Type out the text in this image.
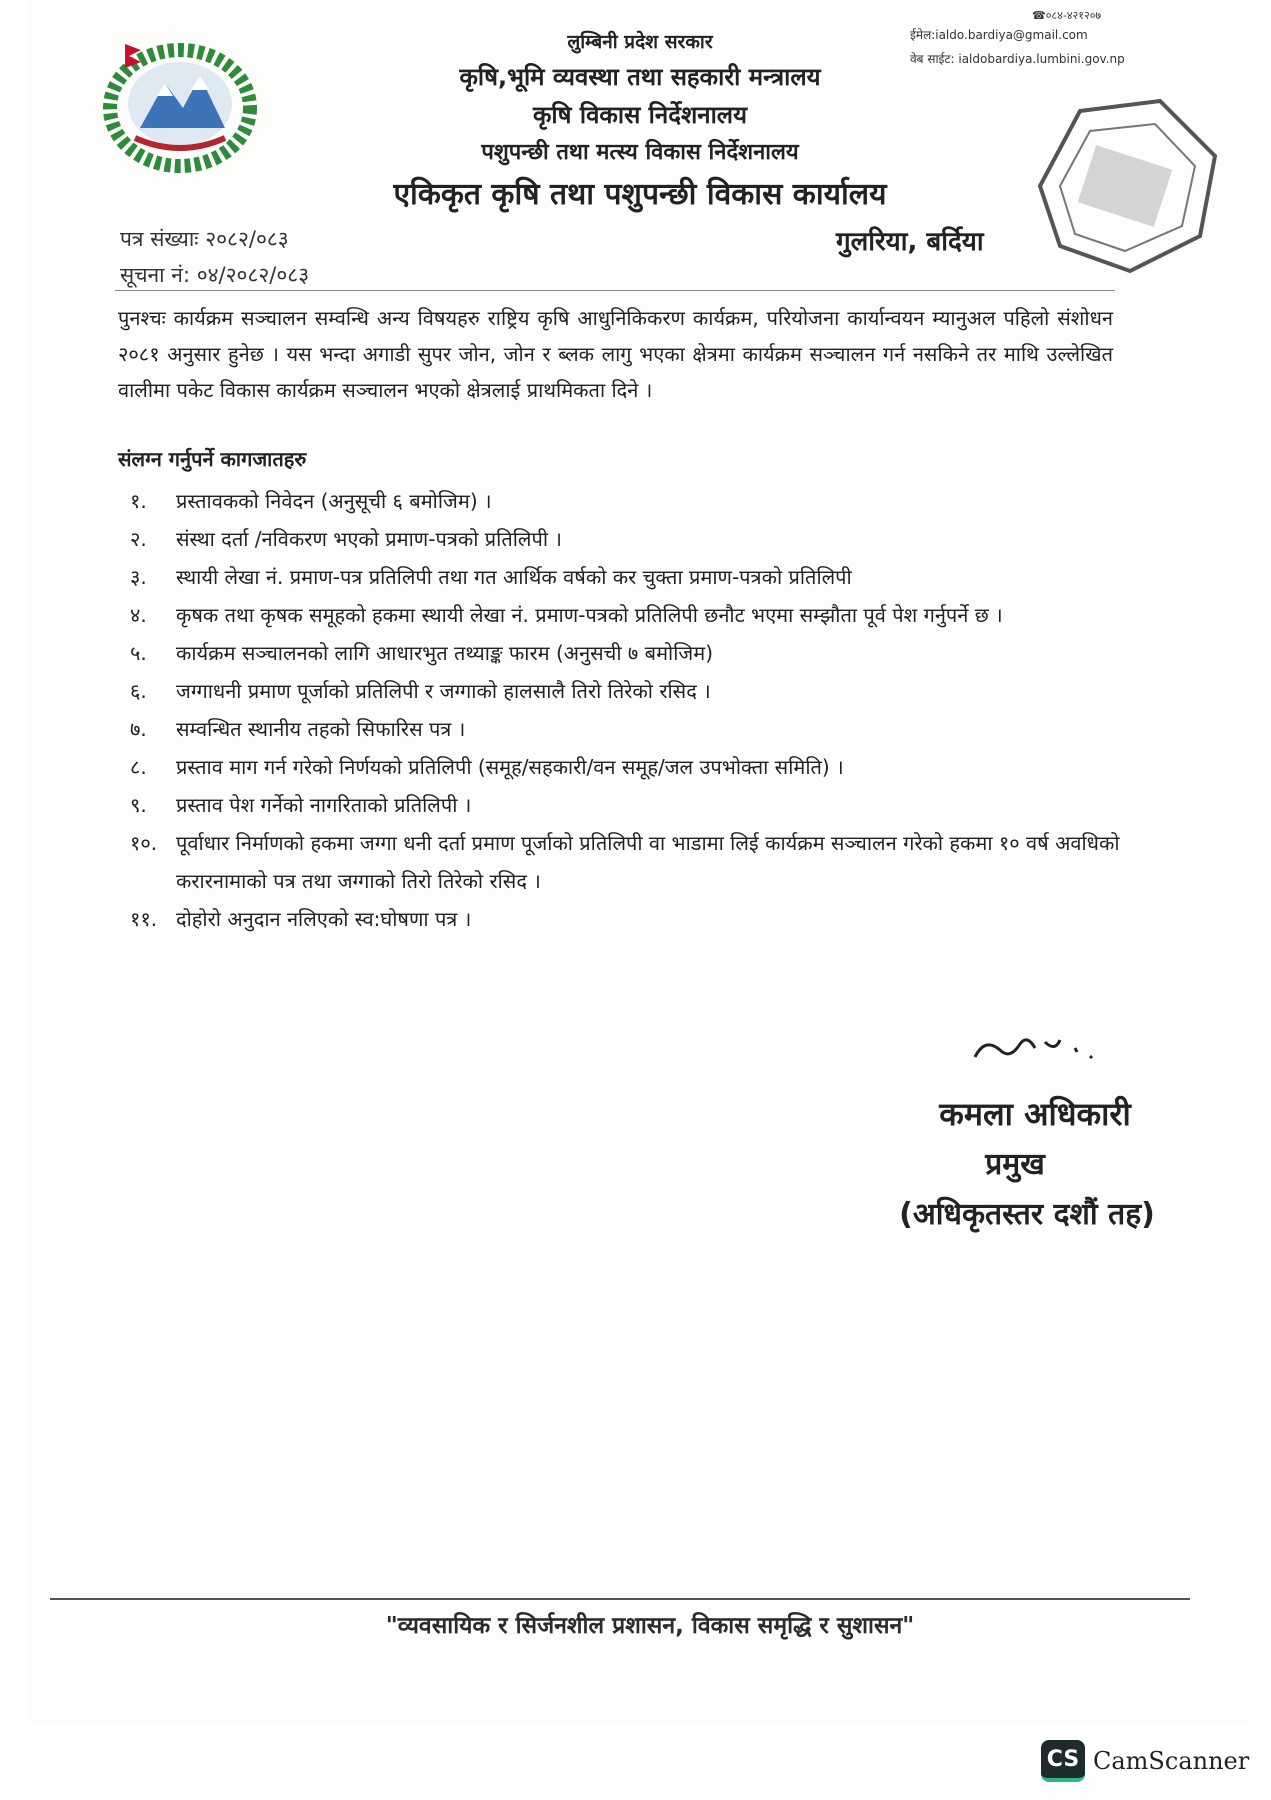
लुम्बिनी प्रदेश सरकार
कृषि,भूमि व्यवस्था तथा सहकारी मन्त्रालय
कृषि विकास निर्देशनालय
पशुपन्छी तथा मत्स्य विकास निर्देशनालय
एकिकृत कृषि तथा पशुपन्छी विकास कार्यालय
☎०८४-४२१२०७
ईमेल:ialdo.bardiya@gmail.com
वेब साईट: ialdobardiya.lumbini.gov.np
पत्र संख्याः २०८२/०८३
सूचना नं: ०४/२०८२/०८३
गुलरिया, बर्दिया
पुनश्चः कार्यक्रम सञ्चालन सम्वन्धि अन्य विषयहरु राष्ट्रिय कृषि आधुनिकिकरण कार्यक्रम, परियोजना कार्यान्वयन म्यानुअल पहिलो संशोधन २०८१ अनुसार हुनेछ । यस भन्दा अगाडी सुपर जोन, जोन र ब्लक लागु भएका क्षेत्रमा कार्यक्रम सञ्चालन गर्न नसकिने तर माथि उल्लेखित वालीमा पकेट विकास कार्यक्रम सञ्चालन भएको क्षेत्रलाई प्राथमिकता दिने ।
संलग्न गर्नुपर्ने कागजातहरु
१.	प्रस्तावकको निवेदन (अनुसूची ६ बमोजिम) ।
२.	संस्था दर्ता /नविकरण भएको प्रमाण-पत्रको प्रतिलिपी ।
३.	स्थायी लेखा नं. प्रमाण-पत्र प्रतिलिपी तथा गत आर्थिक वर्षको कर चुक्ता प्रमाण-पत्रको प्रतिलिपी
४.	कृषक तथा कृषक समूहको हकमा स्थायी लेखा नं. प्रमाण-पत्रको प्रतिलिपी छनौट भएमा सम्झौता पूर्व पेश गर्नुपर्ने छ ।
५.	कार्यक्रम सञ्चालनको लागि आधारभुत तथ्याङ्क फारम (अनुसची ७ बमोजिम)
६.	जग्गाधनी प्रमाण पूर्जाको प्रतिलिपी र जग्गाको हालसालै तिरो तिरेको रसिद ।
७.	सम्वन्धित स्थानीय तहको सिफारिस पत्र ।
८.	प्रस्ताव माग गर्न गरेको निर्णयको प्रतिलिपी (समूह/सहकारी/वन समूह/जल उपभोक्ता समिति) ।
९.	प्रस्ताव पेश गर्नेको नागरिताको प्रतिलिपी ।
१०. पूर्वाधार निर्माणको हकमा जग्गा धनी दर्ता प्रमाण पूर्जाको प्रतिलिपी वा भाडामा लिई कार्यक्रम सञ्चालन गरेको हकमा १० वर्ष अवधिको करारनामाको पत्र तथा जग्गाको तिरो तिरेको रसिद ।
११. दोहोरो अनुदान नलिएको स्व:घोषणा पत्र ।
कमला अधिकारी
प्रमुख
(अधिकृतस्तर दशौं तह)
"व्यवसायिक र सिर्जनशील प्रशासन, विकास समृद्धि र सुशासन"
CS CamScanner
